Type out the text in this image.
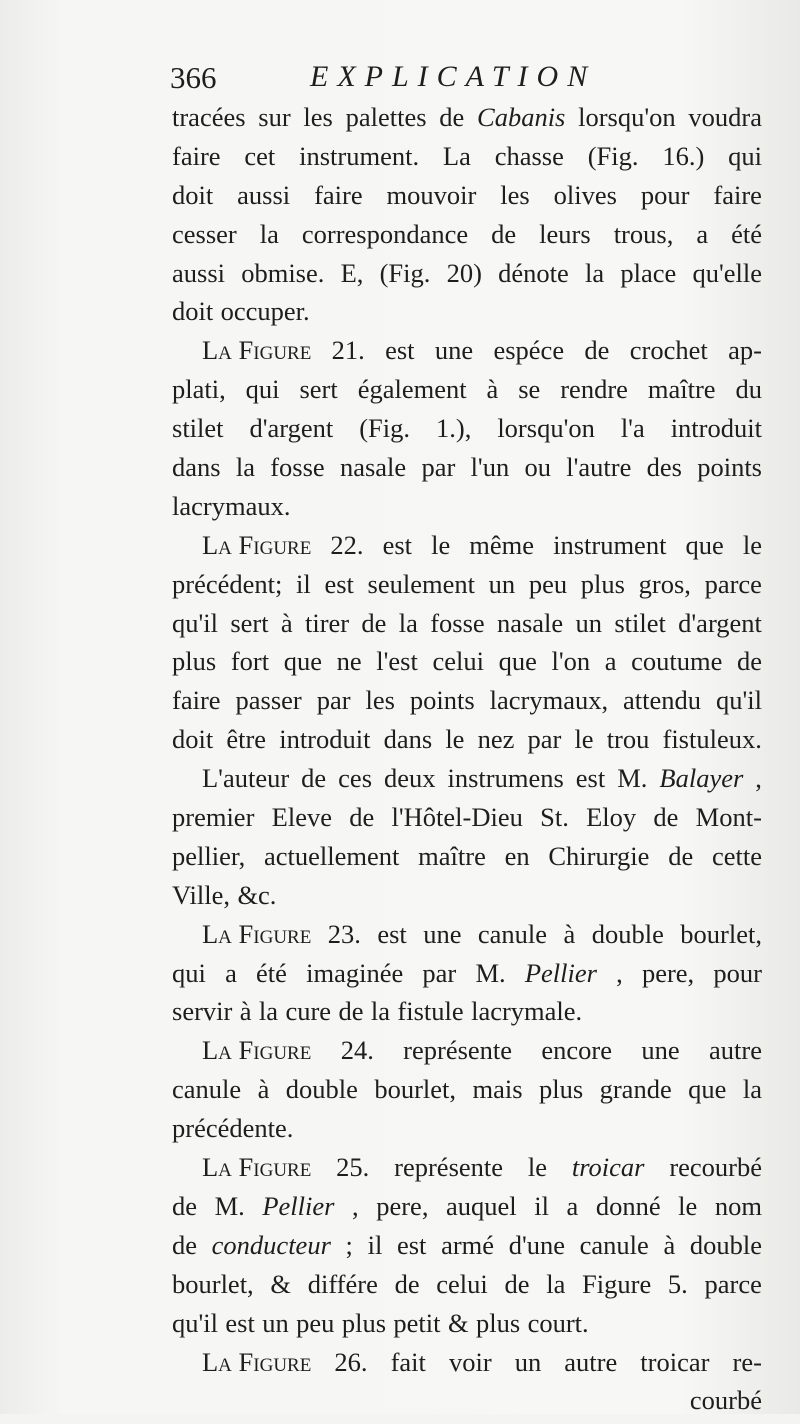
366	EXPLICATION
tracées sur les palettes de Cabanis lorsqu'on voudra
faire cet instrument. La chasse (Fig. 16.) qui
doit aussi faire mouvoir les olives pour faire
cesser la correspondance de leurs trous, a été
aussi obmise. E, (Fig. 20) dénote la place qu'elle
doit occuper.
La Figure 21. est une espéce de crochet ap-
plati, qui sert également à se rendre maître du
stilet d'argent (Fig. 1.), lorsqu'on l'a introduit
dans la fosse nasale par l'un ou l'autre des points
lacrymaux.
La Figure 22. est le même instrument que le
précédent; il est seulement un peu plus gros, parce
qu'il sert à tirer de la fosse nasale un stilet d'argent
plus fort que ne l'est celui que l'on a coutume de
faire passer par les points lacrymaux, attendu qu'il
doit être introduit dans le nez par le trou fistuleux.
L'auteur de ces deux instrumens est M. Balayer ,
premier Eleve de l'Hôtel-Dieu St. Eloy de Mont-
pellier, actuellement maître en Chirurgie de cette
Ville, &c.
La Figure 23. est une canule à double bourlet,
qui a été imaginée par M. Pellier , pere, pour
servir à la cure de la fistule lacrymale.
La Figure 24. représente encore une autre
canule à double bourlet, mais plus grande que la
précédente.
La Figure 25. représente le troicar recourbé
de M. Pellier , pere, auquel il a donné le nom
de conducteur ; il est armé d'une canule à double
bourlet, & différe de celui de la Figure 5. parce
qu'il est un peu plus petit & plus court.
La Figure 26. fait voir un autre troicar re-
courbé
